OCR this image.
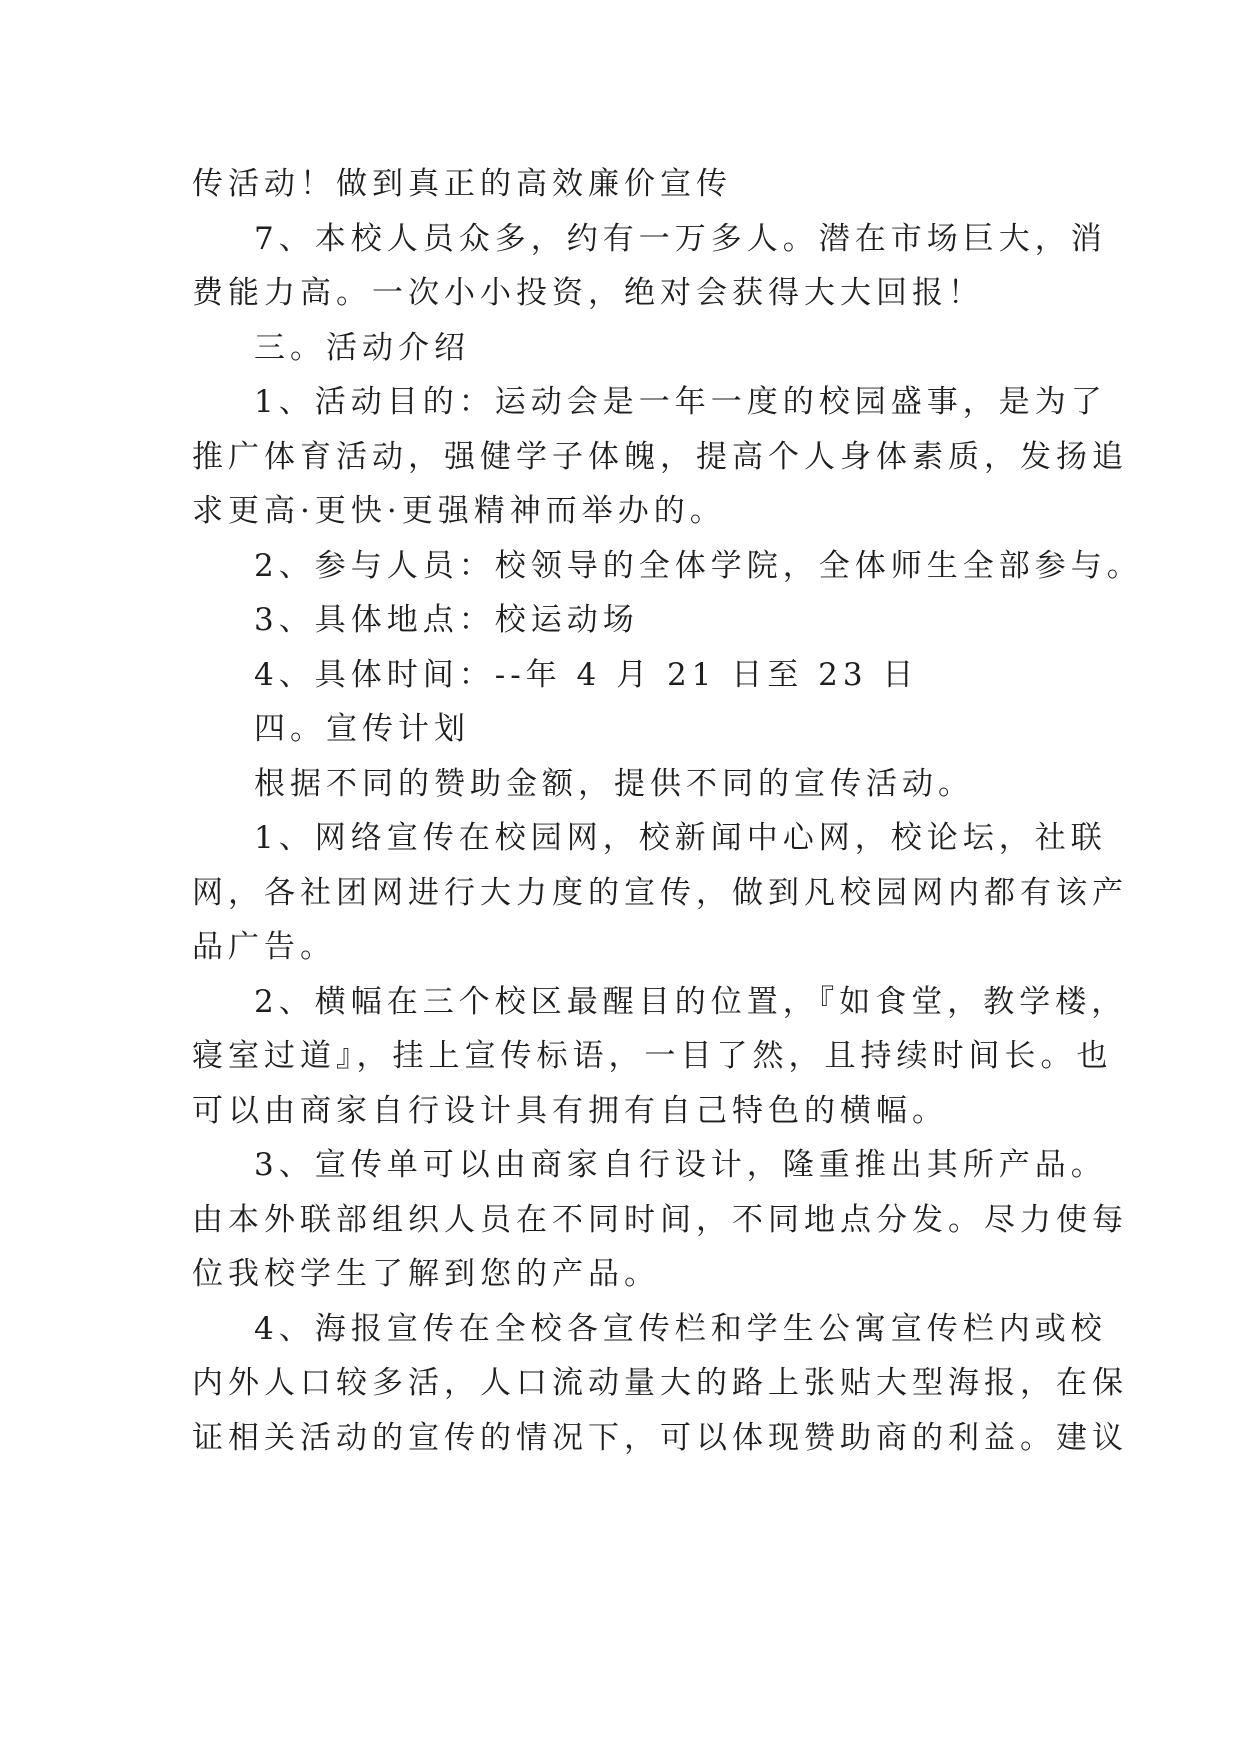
传活动！做到真正的高效廉价宣传
7、本校人员众多，约有一万多人。潜在市场巨大，消
费能力高。一次小小投资，绝对会获得大大回报！
三。活动介绍
1、活动目的：运动会是一年一度的校园盛事，是为了
推广体育活动，强健学子体魄，提高个人身体素质，发扬追
求更高·更快·更强精神而举办的。
2、参与人员：校领导的全体学院，全体师生全部参与。
3、具体地点：校运动场
4、具体时间：--年 4 月 21 日至 23 日
四。宣传计划
根据不同的赞助金额，提供不同的宣传活动。
1、网络宣传在校园网，校新闻中心网，校论坛，社联
网，各社团网进行大力度的宣传，做到凡校园网内都有该产
品广告。
2、横幅在三个校区最醒目的位置，『如食堂，教学楼，
寝室过道』，挂上宣传标语，一目了然，且持续时间长。也
可以由商家自行设计具有拥有自己特色的横幅。
3、宣传单可以由商家自行设计，隆重推出其所产品。
由本外联部组织人员在不同时间，不同地点分发。尽力使每
位我校学生了解到您的产品。
4、海报宣传在全校各宣传栏和学生公寓宣传栏内或校
内外人口较多活，人口流动量大的路上张贴大型海报，在保
证相关活动的宣传的情况下，可以体现赞助商的利益。建议
